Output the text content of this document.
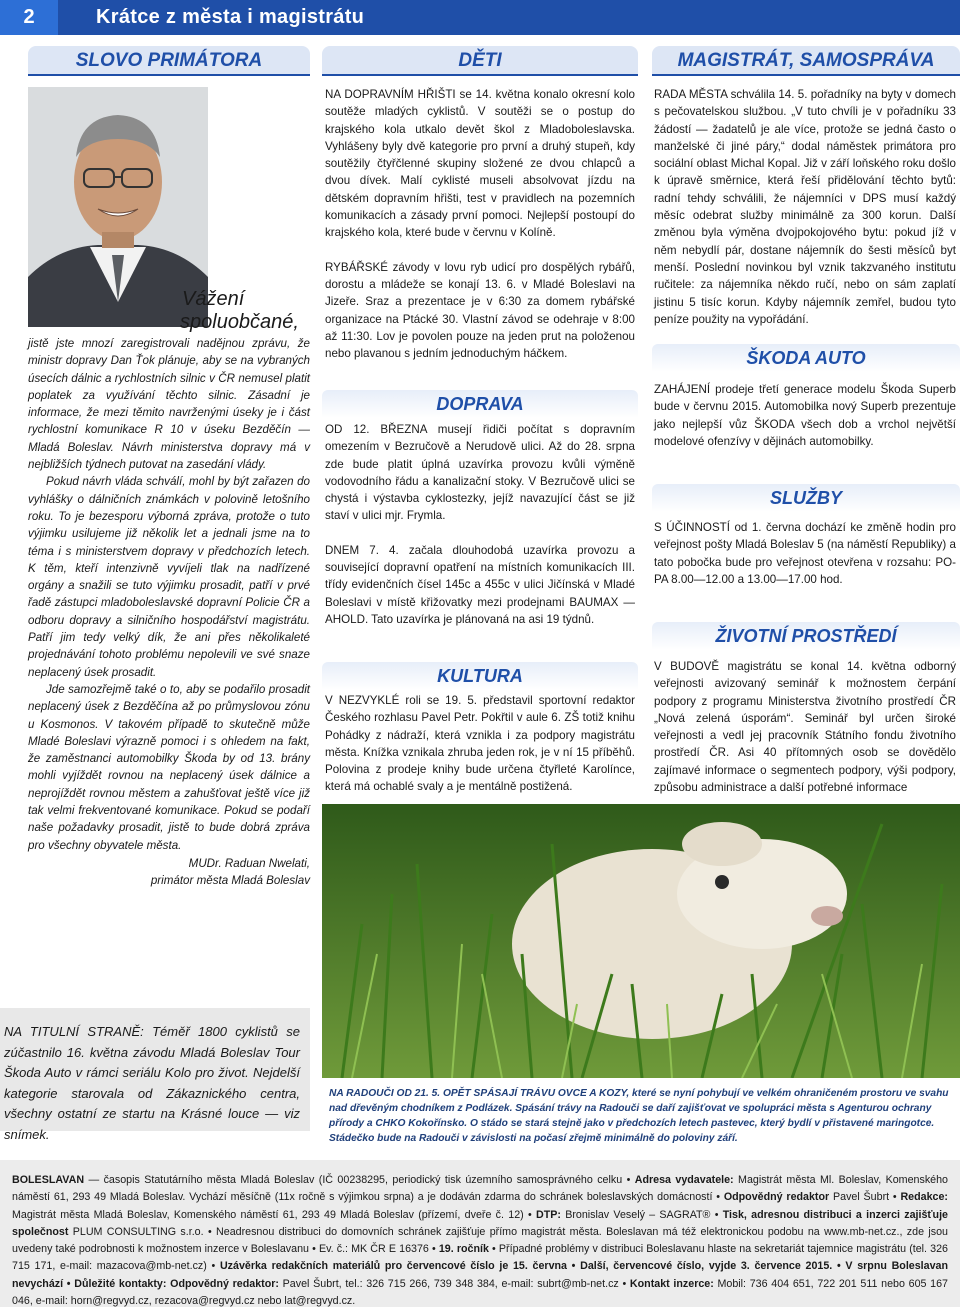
2	Krátce z města i magistrátu
SLOVO PRIMÁTORA
Vážení
spoluobčané,

jistě jste mnozí zaregistrovali nadějnou zprávu, že ministr dopravy Dan Ťok plánuje, aby se na vybraných úsecích dálnic a rychlostních silnic v ČR nemusel platit poplatek za využívání těchto silnic. Zásadní je informace, že mezi těmito navrženými úseky je i část rychlostní komunikace R 10 v úseku Bezděčín — Mladá Boleslav. Návrh ministerstva dopravy má v nejbližších týdnech putovat na zasedání vlády.

Pokud návrh vláda schválí, mohl by být zařazen do vyhlášky o dálničních známkách v polovině letošního roku. To je bezesporu výborná zpráva, protože o tuto výjimku usilujeme již několik let a jednali jsme na to téma i s ministerstvem dopravy v předchozích letech. K těm, kteří intenzivně vyvíjeli tlak na nadřízené orgány a snažili se tuto výjimku prosadit, patří v prvé řadě zástupci mladoboleslavské dopravní Policie ČR a odboru dopravy a silničního hospodářství magistrátu. Patří jim tedy velký dík, že ani přes několikaleté projednávání tohoto problému nepolevili ve své snaze neplacený úsek prosadit.

Jde samozřejmě také o to, aby se podařilo prosadit neplacený úsek z Bezděčína až po průmyslovou zónu u Kosmonos. V takovém případě to skutečně může Mladé Boleslavi výrazně pomoci i s ohledem na fakt, že zaměstnanci automobilky Škoda by od 13. brány mohli vyjíždět rovnou na neplacený úsek dálnice a neprojíždět rovnou městem a zahušťovat ještě více již tak velmi frekventované komunikace. Pokud se podaří naše požadavky prosadit, jistě to bude dobrá zpráva pro všechny obyvatele města.

MUDr. Raduan Nwelati,

primátor města Mladá Boleslav

NA TITULNÍ STRANĚ: Téměř 1800 cyklistů se zúčastnilo 16. května závodu Mladá Boleslav Tour Škoda Auto v rámci seriálu Kolo pro život. Nejdelší kategorie starovala od Zákaznického centra, všechny ostatní ze startu na Krásné louce — viz snímek.

DĚTI

NA DOPRAVNÍM HŘIŠTI se 14. května konalo okresní kolo soutěže mladých cyklistů. V soutěži se o postup do krajského kola utkalo devět škol z Mladoboleslavska. Vyhlášeny byly dvě kategorie pro první a druhý stupeň, kdy soutěžily čtyřčlenné skupiny složené ze dvou chlapců a dvou dívek. Malí cyklisté museli absolvovat jízdu na dětském dopravním hřišti, test v pravidlech na pozemních komunikacích a zásady první pomoci. Nejlepší postoupí do krajského kola, které bude v červnu v Kolíně.

RYBÁŘSKÉ závody v lovu ryb udicí pro dospělých rybářů, dorostu a mládeže se konají 13. 6. v Mladé Boleslavi na Jizeře. Sraz a prezentace je v 6:30 za domem rybářské organizace na Ptácké 30. Vlastní závod se odehraje v 8:00 až 11:30. Lov je povolen pouze na jeden prut na položenou nebo plavanou s jedním jednoduchým háčkem.

DOPRAVA

OD 12. BŘEZNA musejí řidiči počítat s dopravním omezením v Bezručově a Nerudově ulici. Až do 28. srpna zde bude platit úplná uzavírka provozu kvůli výměně vodovodního řádu a kanalizační stoky. V Bezručově ulici se chystá i výstavba cyklostezky, jejíž navazující část se již staví v ulici mjr. Frymla.

DNEM 7. 4. začala dlouhodobá uzavírka provozu a související dopravní opatření na místních komunikacích III. třídy evidenčních čísel 145c a 455c v ulici Jičínská v Mladé Boleslavi v místě křižovatky mezi prodejnami BAUMAX — AHOLD. Tato uzavírka je plánovaná na asi 19 týdnů.

KULTURA

V NEZVYKLÉ roli se 19. 5. představil sportovní redaktor Českého rozhlasu Pavel Petr. Pokřtil v aule 6. ZŠ totiž knihu Pohádky z nádraží, která vznikla i za podpory magistrátu města. Knížka vznikala zhruba jeden rok, je v ní 15 příběhů. Polovina z prodeje knihy bude určena čtyřleté Karolínce, která má ochablé svaly a je mentálně postižená.

MAGISTRÁT, SAMOSPRÁVA

RADA MĚSTA schválila 14. 5. pořadníky na byty v domech s pečovatelskou službou. „V tuto chvíli je v pořadníku 33 žádostí — žadatelů je ale více, protože se jedná často o manželské či jiné páry,“ dodal náměstek primátora pro sociální oblast Michal Kopal. Již v září loňského roku došlo k úpravě směrnice, která řeší přidělování těchto bytů: radní tehdy schválili, že nájemníci v DPS musí každý měsíc odebrat služby minimálně za 300 korun. Další změnou byla výměna dvojpokojového bytu: pokud jíž v něm nebydlí pár, dostane nájemník do šesti měsíců byt menší. Poslední novinkou byl vznik takzvaného institutu ručitele: za nájemníka někdo ručí, nebo on sám zaplatí jistinu 5 tisíc korun. Kdyby nájemník zemřel, budou tyto peníze použity na vypořádání.

ŠKODA AUTO

ZAHÁJENÍ prodeje třetí generace modelu Škoda Superb bude v červnu 2015. Automobilka nový Superb prezentuje jako nejlepší vůz ŠKODA všech dob a vrchol největší modelové ofenzívy v dějinách automobilky.

SLUŽBY

S ÚČINNOSTÍ od 1. června dochází ke změně hodin pro veřejnost pošty Mladá Boleslav 5 (na náměstí Republiky) a tato pobočka bude pro veřejnost otevřena v rozsahu: PO-PA 8.00—12.00 a 13.00—17.00 hod.

ŽIVOTNÍ PROSTŘEDÍ

V BUDOVĚ magistrátu se konal 14. května odborný veřejnosti avizovaný seminář k možnostem čerpání podpory z programu Ministerstva životního prostředí ČR „Nová zelená úsporám“. Seminář byl určen široké veřejnosti a vedl jej pracovník Státního fondu životního prostředí ČR. Asi 40 přítomných osob se dovědělo zajímavé informace o segmentech podpory, výši podpory, způsobu administrace a další potřebné informace

NA RADOUČI OD 21. 5. OPĚT SPÁSAJÍ TRÁVU OVCE A KOZY, které se nyní pohybují ve velkém ohraničeném prostoru ve svahu nad dřevěným chodníkem z Podlázek. Spásání trávy na Radouči se daří zajišťovat ve spolupráci města s Agenturou ochrany přírody a CHKO Kokořínsko. O stádo se stará stejně jako v předchozích letech pastevec, který bydlí v přistavené maringotce. Stádečko bude na Radouči v závislosti na počasí zřejmě minimálně do poloviny září.

BOLESLAVAN — časopis Statutárního města Mladá Boleslav (IČ 00238295, periodický tisk územního samosprávného celku • Adresa vydavatele: Magistrát města Ml. Boleslav, Komenského náměstí 61, 293 49 Mladá Boleslav. Vychází měsíčně (11x ročně s výjimkou srpna) a je dodáván zdarma do schránek boleslavských domácností • Odpovědný redaktor Pavel Šubrt • Redakce: Magistrát města Mladá Boleslav, Komenského náměstí 61, 293 49 Mladá Boleslav (přízemí, dveře č. 12) • DTP: Bronislav Veselý – SAGRAT® • Tisk, adresnou distribuci a inzerci zajišťuje společnost PLUM CONSULTING s.r.o. • Neadresnou distribuci do domovních schránek zajišťuje přímo magistrát města. Boleslavan má též elektronickou podobu na www.mb-net.cz., zde jsou uvedeny také podrobnosti k možnostem inzerce v Boleslavanu • Ev. č.: MK ČR E 16376 • 19. ročník • Případné problémy v distribuci Boleslavanu hlaste na sekretariát tajemnice magistrátu (tel. 326 715 171, e-mail: mazacova@mb-net.cz) • Uzávěrka redakčních materiálů pro červencové číslo je 15. června • Další, červencové číslo, vyjde 3. července 2015. • V srpnu Boleslavan nevychází • Důležité kontakty: Odpovědný redaktor: Pavel Šubrt, tel.: 326 715 266, 739 348 384, e-mail: subrt@mb-net.cz • Kontakt inzerce: Mobil: 736 404 651, 722 201 511 nebo 605 167 046, e-mail: horn@regvyd.cz, rezacova@regvyd.cz nebo lat@regvyd.cz.
